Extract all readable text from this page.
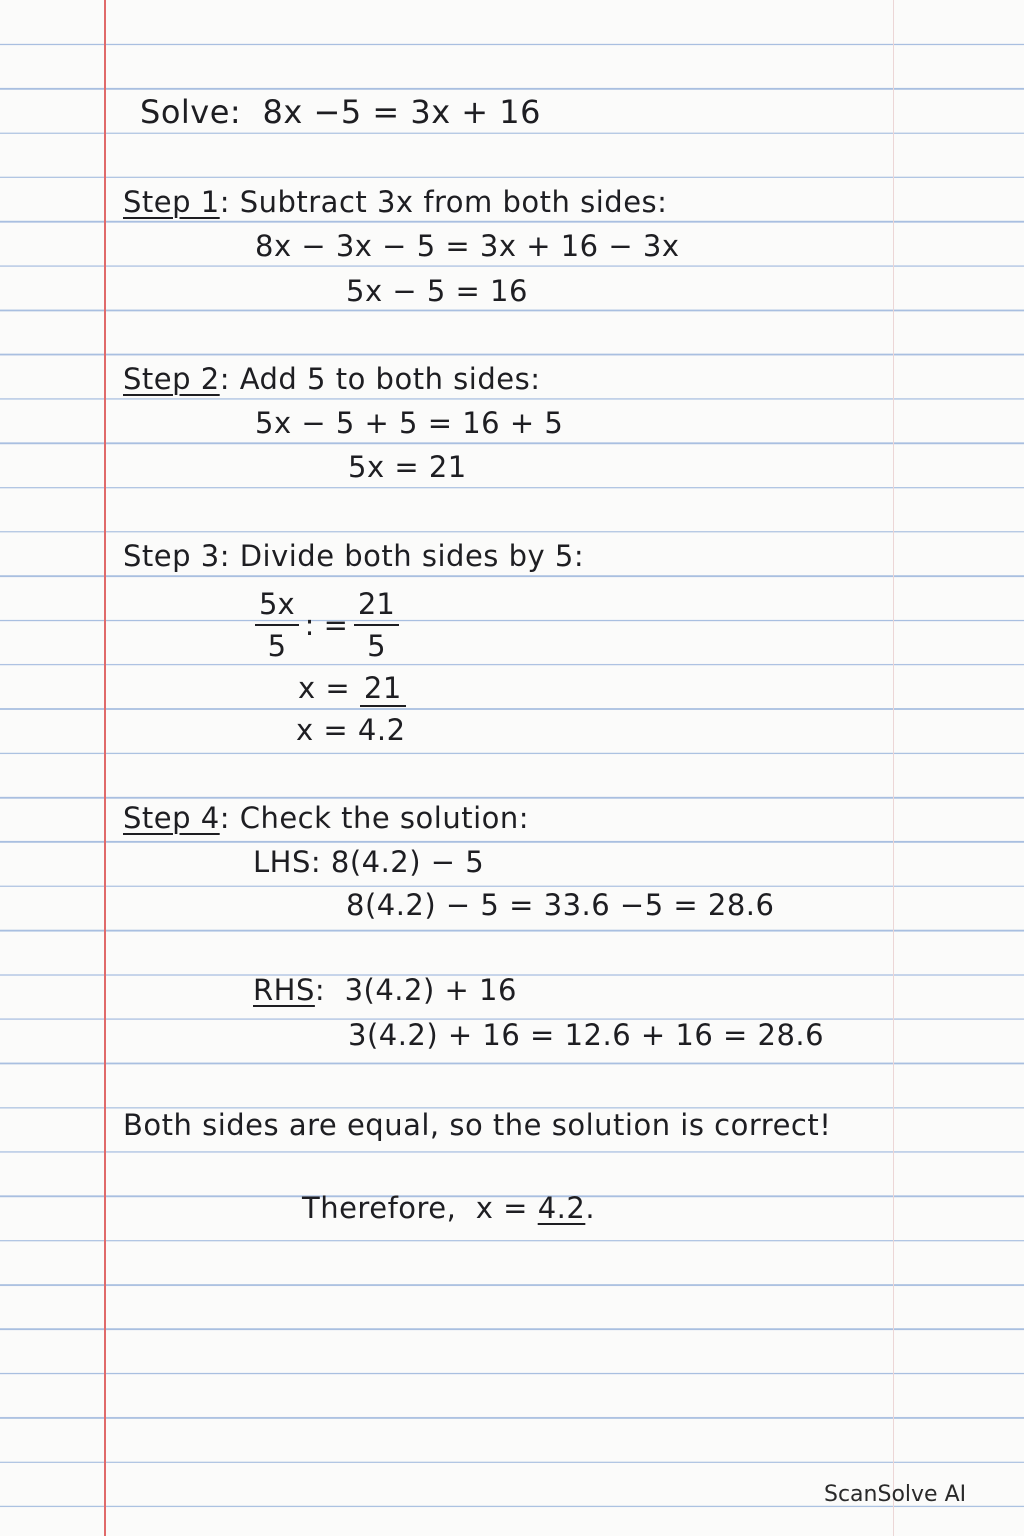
Solve: 8x −5 = 3x + 16
Step 1: Subtract 3x from both sides:
8x − 3x − 5 = 3x + 16 − 3x
5x − 5 = 16
Step 2: Add 5 to both sides:
5x − 5 + 5 = 16 + 5
5x = 21
Step 3: Divide both sides by 5:
$\frac{5x}{5}$ : = $\frac{21}{5}$
x = 21
x = 4.2
Step 4: Check the solution:
LHS: 8(4.2) − 5
8(4.2) − 5 = 33.6 −5 = 28.6
RHS:  3(4.2) + 16
3(4.2) + 16 = 12.6 + 16 = 28.6
Both sides are equal, so the solution is correct!
Therefore,  x = 4.2.
ScanSolve AI
